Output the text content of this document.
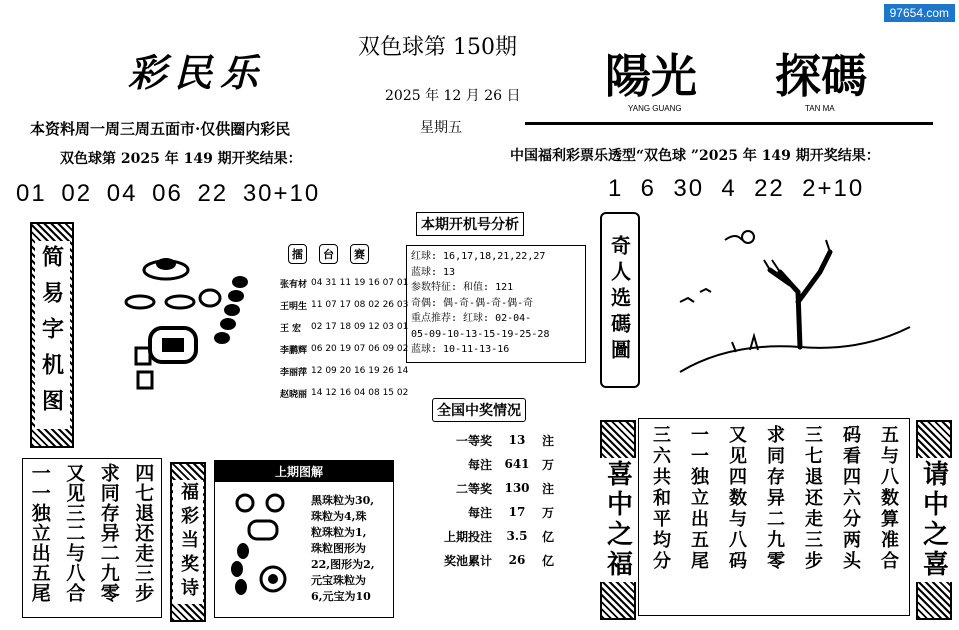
97654.com
彩民乐
双色球第 150期
2025 年 12 月 26 日
星期五
陽光 探碼
YANG GUANG	TAN MA
本资料周一周三周五面市·仅供圈内彩民
双色球第 2025 年 149 期开奖结果：	中国福利彩票乐透型“双色球 ”2025 年 149 期开奖结果：
01 02 04 06 22 30+10	1  6  30  4  22  2+10
简易字机图	擂	台	赛
张有材	04 31 11 19 16 07 01
王明生	11 07 17 08 02 26 03
王 宏	02 17 18 09 12 03 01
李鹏辉	06 20 19 07 06 09 02
李丽萍	12 09 20 16 19 26 14
赵晓丽	14 12 16 04 08 15 02
本期开机号分析
红球: 16,17,18,21,22,27
蓝球: 13
参数特征: 和值: 121
奇偶: 偶-奇-偶-奇-偶-奇
重点推荐: 红球: 02-04-
05-09-10-13-15-19-25-28
蓝球: 10-11-13-16
全国中奖情况
一等奖	13	注
每注	641	万
二等奖	130	注
每注	17	万
上期投注	3.5	亿
奖池累计	26	亿
四七退还走三步
求同存异二九零
又见三二与八合
一一独立出五尾	福彩当奖诗
上期图解
黑珠粒为30,
珠粒为4,珠
粒珠粒为1,
珠粒图形为
22,图形为2,
元宝珠粒为
6,元宝为10
奇人选碼圖
喜中之福	五与八数算准合
码看四六分两头
三七退还走三步
求同存异二九零
又见四数与八码
一一独立出五尾
三六共和平均分	请中之喜
